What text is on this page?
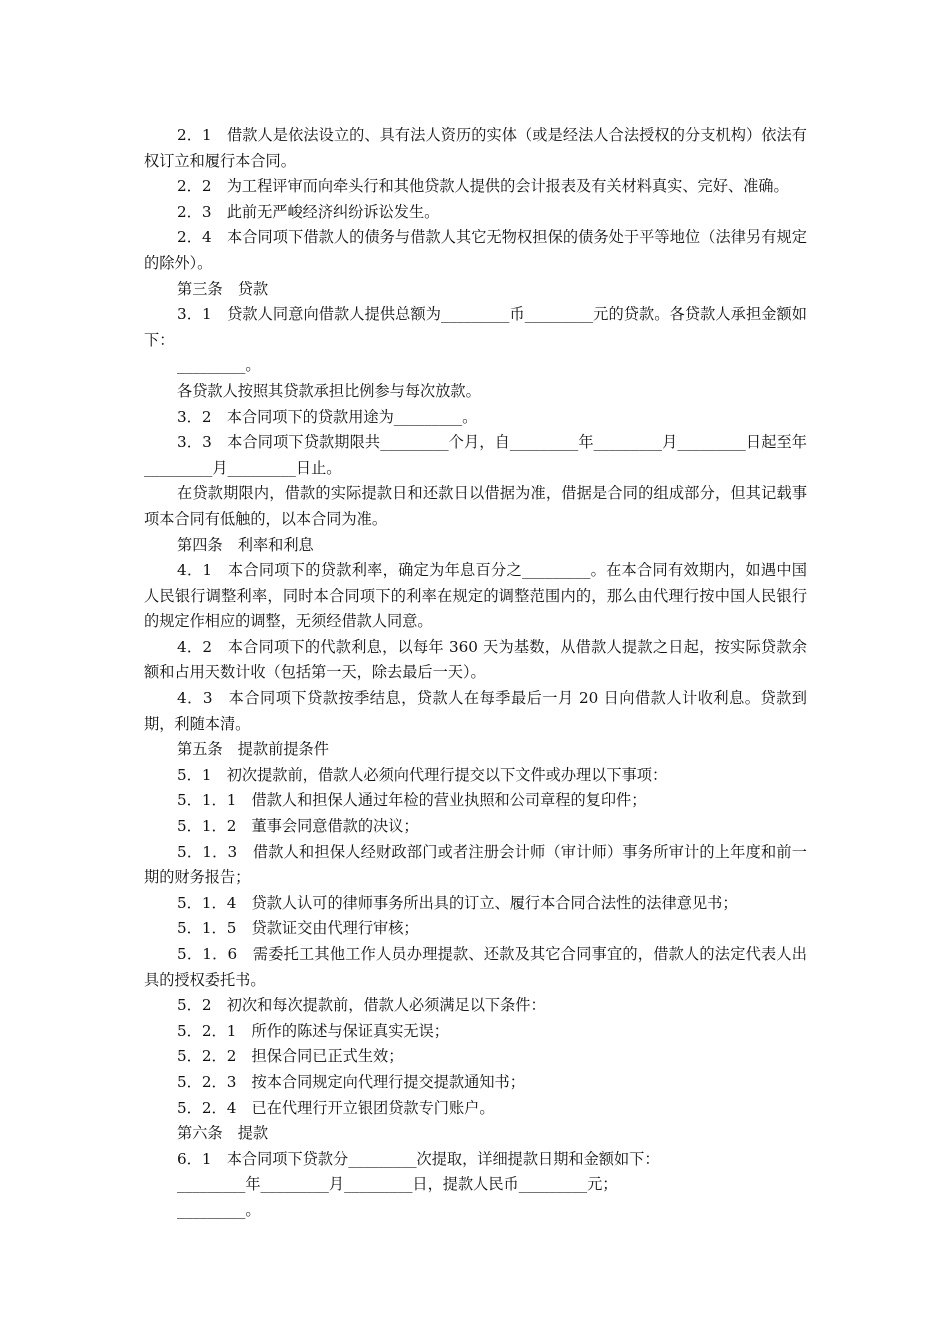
2．1　借款人是依法设立的、具有法人资历的实体（或是经法人合法授权的分支机构）依法有权订立和履行本合同。

2．2　为工程评审而向牵头行和其他贷款人提供的会计报表及有关材料真实、完好、准确。

2．3　此前无严峻经济纠纷诉讼发生。

2．4　本合同项下借款人的债务与借款人其它无物权担保的债务处于平等地位（法律另有规定的除外）。

第三条　贷款

3．1　贷款人同意向借款人提供总额为_________币_________元的贷款。各贷款人承担金额如下：

_________。

各贷款人按照其贷款承担比例参与每次放款。

3．2　本合同项下的贷款用途为_________。

3．3　本合同项下贷款期限共_________个月，自_________年_________月_________日起至年_________月_________日止。

在贷款期限内，借款的实际提款日和还款日以借据为准，借据是合同的组成部分，但其记载事项本合同有低触的，以本合同为准。

第四条　利率和利息

4．1　本合同项下的贷款利率，确定为年息百分之_________。在本合同有效期内，如遇中国人民银行调整利率，同时本合同项下的利率在规定的调整范围内的，那么由代理行按中国人民银行的规定作相应的调整，无须经借款人同意。

4．2　本合同项下的代款利息，以每年 360 天为基数，从借款人提款之日起，按实际贷款余额和占用天数计收（包括第一天，除去最后一天）。

4．3　本合同项下贷款按季结息，贷款人在每季最后一月 20 日向借款人计收利息。贷款到期，利随本清。

第五条　提款前提条件

5．1　初次提款前，借款人必须向代理行提交以下文件或办理以下事项：

5．1．1　借款人和担保人通过年检的营业执照和公司章程的复印件；

5．1．2　董事会同意借款的决议；

5．1．3　借款人和担保人经财政部门或者注册会计师（审计师）事务所审计的上年度和前一期的财务报告；

5．1．4　贷款人认可的律师事务所出具的订立、履行本合同合法性的法律意见书；

5．1．5　贷款证交由代理行审核；

5．1．6　需委托工其他工作人员办理提款、还款及其它合同事宜的，借款人的法定代表人出具的授权委托书。

5．2　初次和每次提款前，借款人必须满足以下条件：

5．2．1　所作的陈述与保证真实无误；

5．2．2　担保合同已正式生效；

5．2．3　按本合同规定向代理行提交提款通知书；

5．2．4　已在代理行开立银团贷款专门账户。

第六条　提款

6．1　本合同项下贷款分_________次提取，详细提款日期和金额如下：

_________年_________月_________日，提款人民币_________元；

_________。
